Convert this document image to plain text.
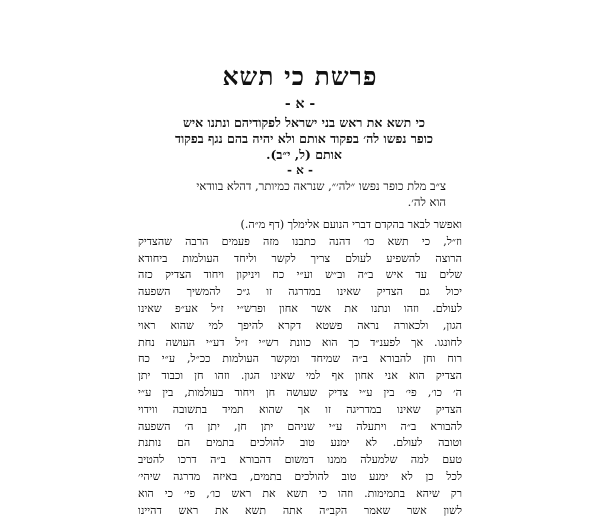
פרשת כי תשא
- א -
כי תשא את ראש בני ישראל לפקודיהם ונתנו איש
כופר נפשו לה׳ בפקוד אותם ולא יהיה בהם נגף בפקוד
אותם (ל, י״ב).
- א -
צ״ב מלת כופר נפשו ״לה׳״, שנראה כמיותר, דהלא בוודאי
הוא לה׳.
ואפשר לבאר בהקדם דברי הנועם אלימלך (דף מ״ה.)
וז״ל, כי תשא כו׳ דהנה כתבנו מזה פעמים הרבה שהצדיק
הרוצה להשפיע לעולם צריך לקשר וליחד העולמות ביחודא
שלים עד איש ב״ה וב״ש וע״י כח ויניקון ויחוד הצדיק כזה
יכול גם הצדיק שאינו במדרגה זו ג״כ להמשיך השפעה
לעולם. וזהו ונתנו את אשר אחון ופרש״י ז״ל אע״פ שאינו
הגון, ולכאורה נראה פשטא דקרא להיפך למי שהוא ראוי
לחונגו. אך לפענ״ד כך הוא כוונת רש״י ז״ל דע״י העושה נחת
רוח וחן להבורא ב״ה שמיחד ומקשר העולמות ככ״ל, ע״י כח
הצדיק הוא אני אחון אף למי שאינו הגון. וזהו חן וכבוד יתן
ה׳ כו׳, פי׳ בין ע״י צדיק שעושה חן ויחוד בעולמות, בין ע״י
הצדיק שאינו במדריגה זו אך שהוא תמיד בתשובה ווידוי
להבורא ב״ה ויתעלה ע״י שניהם יתן חן, יתן ה׳ השפעה
וטובה לעולם. לא ימנע טוב להולכים בתמים הם נותנת
טעם למה שלמעלה ממנו דמשום דהבורא ב״ה דרכו להטיב
לכל כן לא ימנע טוב להולכים בתמים, באיזה מדרגה שיהי׳
רק שיהא בתמימות. וזהו כי תשא את ראש כו׳, פי׳ כי הוא
לשון אשר שאמר הקב״ה אתה תשא את ראש דהיינו
